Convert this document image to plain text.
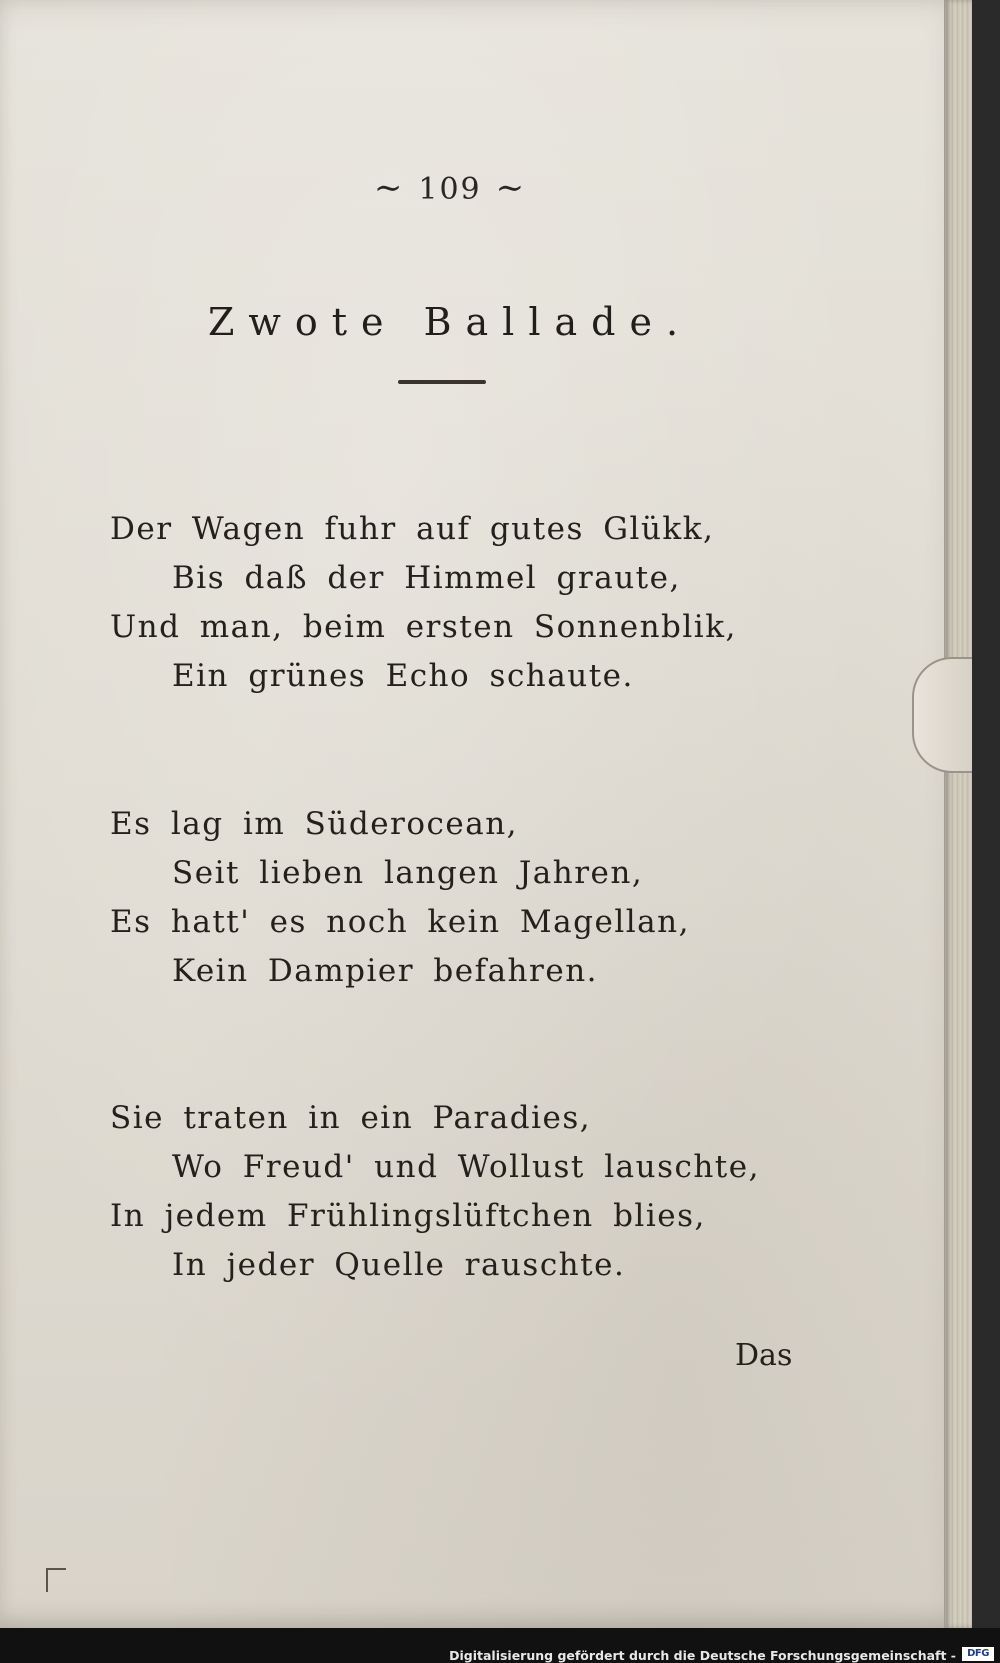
∼ 109 ∼
Zwote Ballade.
Der Wagen fuhr auf gutes Glükk,
Bis daß der Himmel graute,
Und man, beim ersten Sonnenblik,
Ein grünes Echo schaute.
Es lag im Süderocean,
Seit lieben langen Jahren,
Es hatt' es noch kein Magellan,
Kein Dampier befahren.
Sie traten in ein Paradies,
Wo Freud' und Wollust lauschte,
In jedem Frühlingslüftchen blies,
In jeder Quelle rauschte.
Das
Digitalisierung gefördert durch die Deutsche Forschungsgemeinschaft -	DFG
